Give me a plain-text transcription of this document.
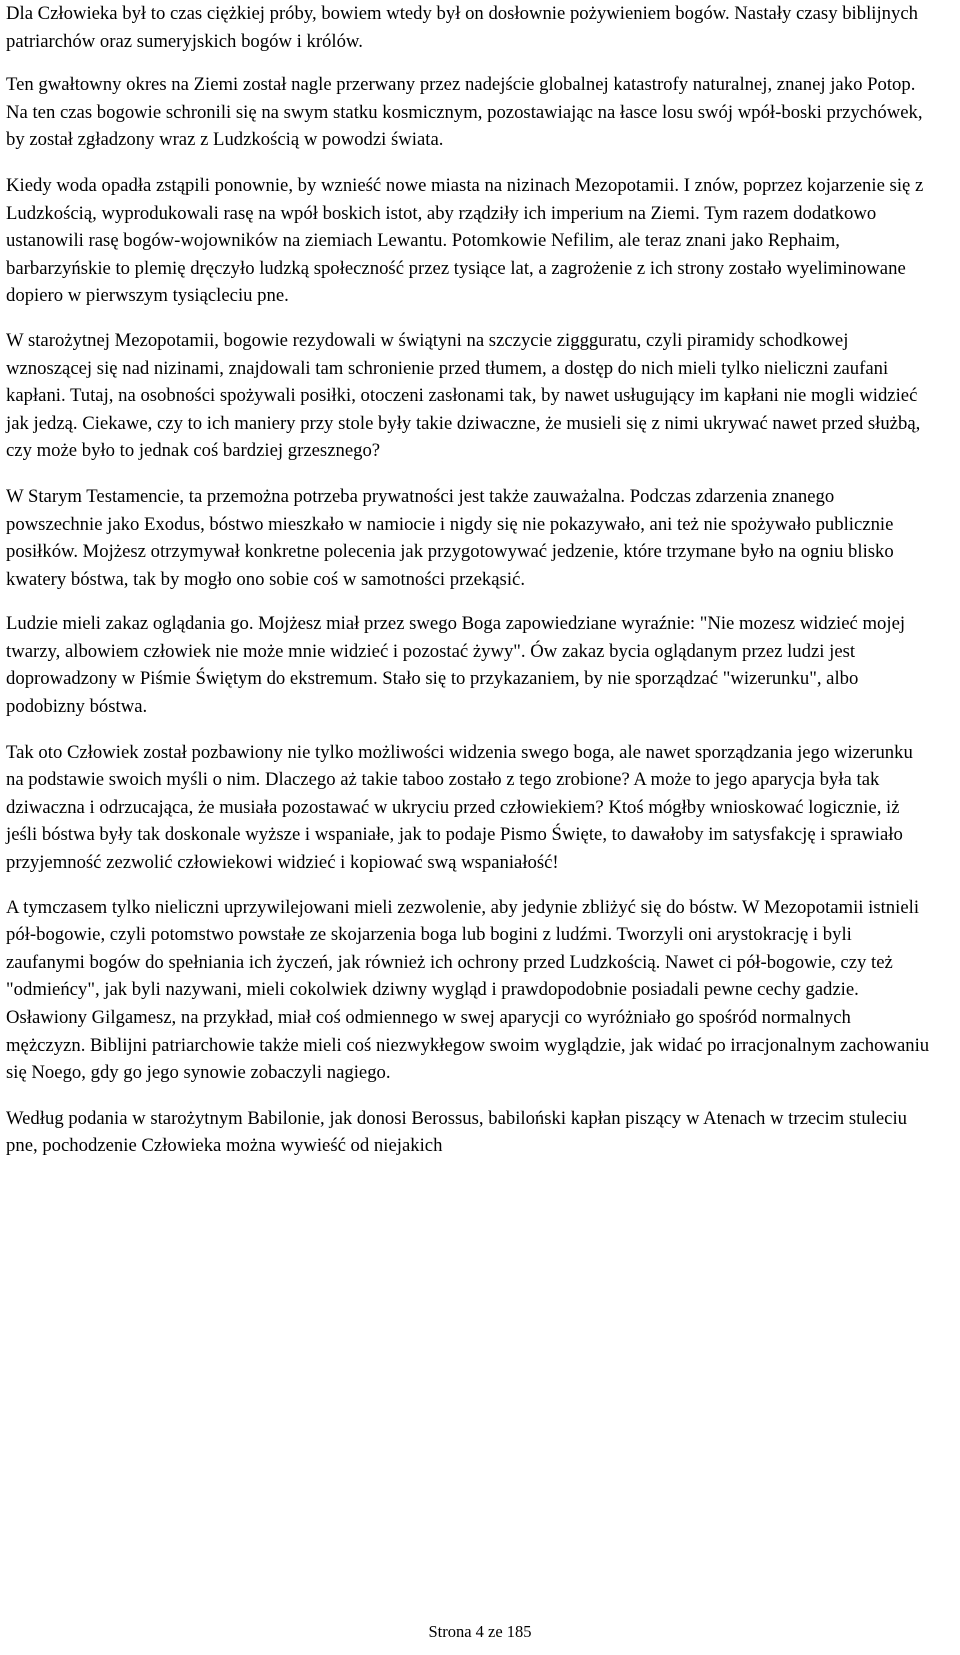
Dla Człowieka był to czas ciężkiej próby, bowiem wtedy był on dosłownie pożywieniem bogów. Nastały czasy biblijnych patriarchów oraz sumeryjskich bogów i królów.

Ten gwałtowny okres na Ziemi został nagle przerwany przez nadejście globalnej katastrofy naturalnej, znanej jako Potop. Na ten czas bogowie schronili się na swym statku kosmicznym, pozostawiając na łasce losu swój wpół-boski przychówek, by został zgładzony wraz z Ludzkością w powodzi świata.

Kiedy woda opadła zstąpili ponownie, by wznieść nowe miasta na nizinach Mezopotamii. I znów, poprzez kojarzenie się z Ludzkością, wyprodukowali rasę na wpół boskich istot, aby rządziły ich imperium na Ziemi. Tym razem dodatkowo ustanowili rasę bogów-wojowników na ziemiach Lewantu. Potomkowie Nefilim, ale teraz znani jako Rephaim, barbarzyńskie to plemię dręczyło ludzką społeczność przez tysiące lat, a zagrożenie z ich strony zostało wyeliminowane dopiero w pierwszym tysiącleciu pne.

W starożytnej Mezopotamii, bogowie rezydowali w świątyni na szczycie ziggguratu, czyli piramidy schodkowej wznoszącej się nad nizinami, znajdowali tam schronienie przed tłumem, a dostęp do nich mieli tylko nieliczni zaufani kapłani. Tutaj, na osobności spożywali posiłki, otoczeni zasłonami tak, by nawet usługujący im kapłani nie mogli widzieć jak jedzą. Ciekawe, czy to ich maniery przy stole były takie dziwaczne, że musieli się z nimi ukrywać nawet przed służbą, czy może było to jednak coś bardziej grzesznego?

W Starym Testamencie, ta przemożna potrzeba prywatności jest także zauważalna. Podczas zdarzenia znanego powszechnie jako Exodus, bóstwo mieszkało w namiocie i nigdy się nie pokazywało, ani też nie spożywało publicznie posiłków. Mojżesz otrzymywał konkretne polecenia jak przygotowywać jedzenie, które trzymane było na ogniu blisko kwatery bóstwa, tak by mogło ono sobie coś w samotności przekąsić.

Ludzie mieli zakaz oglądania go. Mojżesz miał przez swego Boga zapowiedziane wyraźnie: "Nie mozesz widzieć mojej twarzy, albowiem człowiek nie może mnie widzieć i pozostać żywy". Ów zakaz bycia oglądanym przez ludzi jest doprowadzony w Piśmie Świętym do ekstremum. Stało się to przykazaniem, by nie sporządzać "wizerunku", albo podobizny bóstwa.

Tak oto Człowiek został pozbawiony nie tylko możliwości widzenia swego boga, ale nawet sporządzania jego wizerunku na podstawie swoich myśli o nim. Dlaczego aż takie taboo zostało z tego zrobione? A może to jego aparycja była tak dziwaczna i odrzucająca, że musiała pozostawać w ukryciu przed człowiekiem? Ktoś mógłby wnioskować logicznie, iż jeśli bóstwa były tak doskonale wyższe i wspaniałe, jak to podaje Pismo Święte, to dawałoby im satysfakcję i sprawiało przyjemność zezwolić człowiekowi widzieć i kopiować swą wspaniałość!

A tymczasem tylko nieliczni uprzywilejowani mieli zezwolenie, aby jedynie zbliżyć się do bóstw. W Mezopotamii istnieli pół-bogowie, czyli potomstwo powstałe ze skojarzenia boga lub bogini z ludźmi. Tworzyli oni arystokrację i byli zaufanymi bogów do spełniania ich życzeń, jak również ich ochrony przed Ludzkością. Nawet ci pół-bogowie, czy też "odmieńcy", jak byli nazywani, mieli cokolwiek dziwny wygląd i prawdopodobnie posiadali pewne cechy gadzie. Osławiony Gilgamesz, na przykład, miał coś odmiennego w swej aparycji co wyróżniało go spośród normalnych mężczyzn. Biblijni patriarchowie także mieli coś niezwykłegow swoim wyglądzie, jak widać po irracjonalnym zachowaniu się Noego, gdy go jego synowie zobaczyli nagiego.

Według podania w starożytnym Babilonie, jak donosi Berossus, babiloński kapłan piszący w Atenach w trzecim stuleciu pne, pochodzenie Człowieka można wywieść od niejakich

Strona 4 ze 185
